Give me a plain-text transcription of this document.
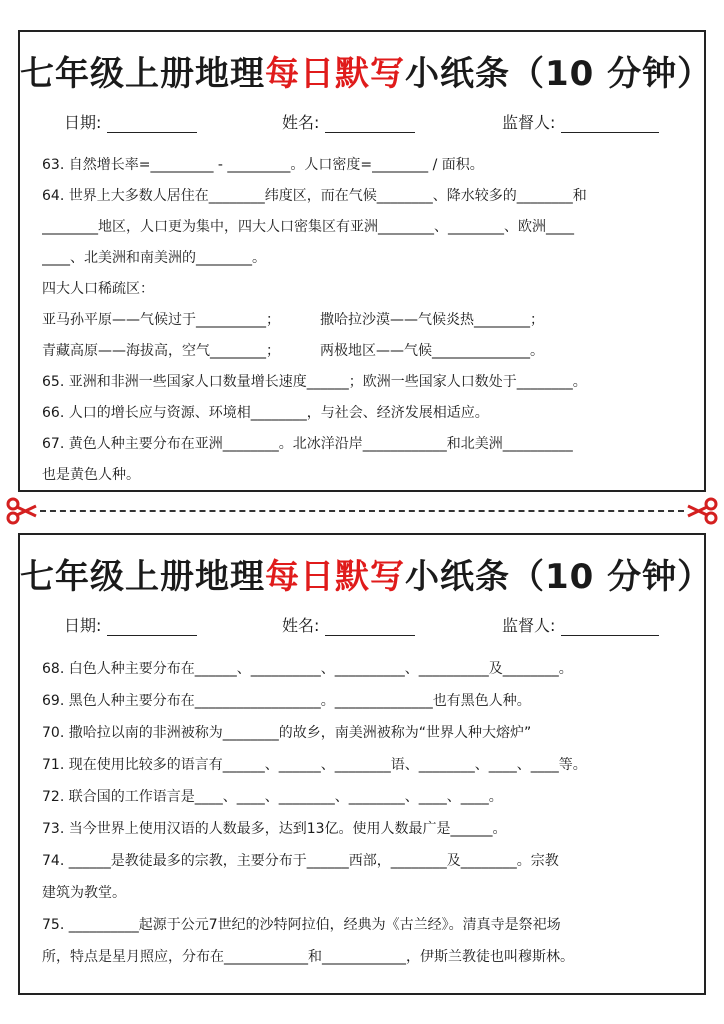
七年级上册地理每日默写小纸条（10 分钟）
日期:	姓名:	监督人:
63. 自然增长率=_________ - _________。人口密度=________ / 面积。
64. 世界上大多数人居住在________纬度区，而在气候________、降水较多的________和
________地区，人口更为集中，四大人口密集区有亚洲________、________、欧洲____
____、北美洲和南美洲的________。
四大人口稀疏区：
亚马孙平原——气候过于__________；	撒哈拉沙漠——气候炎热________；
青藏高原——海拔高，空气________；	两极地区——气候______________。
65. 亚洲和非洲一些国家人口数量增长速度______；欧洲一些国家人口数处于________。
66. 人口的增长应与资源、环境相________，与社会、经济发展相适应。
67. 黄色人种主要分布在亚洲________。北冰洋沿岸____________和北美洲__________
也是黄色人种。
七年级上册地理每日默写小纸条（10 分钟）
日期:	姓名:	监督人:
68. 白色人种主要分布在______、__________、__________、__________及________。
69. 黑色人种主要分布在__________________。______________也有黑色人种。
70. 撒哈拉以南的非洲被称为________的故乡，南美洲被称为“世界人种大熔炉”
71. 现在使用比较多的语言有______、______、________语、________、____、____等。
72. 联合国的工作语言是____、____、________、________、____、____。
73. 当今世界上使用汉语的人数最多，达到13亿。使用人数最广是______。
74. ______是教徒最多的宗教，主要分布于______西部，________及________。宗教
建筑为教堂。
75. __________起源于公元7世纪的沙特阿拉伯，经典为《古兰经》。清真寺是祭祀场
所，特点是星月照应，分布在____________和____________，伊斯兰教徒也叫穆斯林。
